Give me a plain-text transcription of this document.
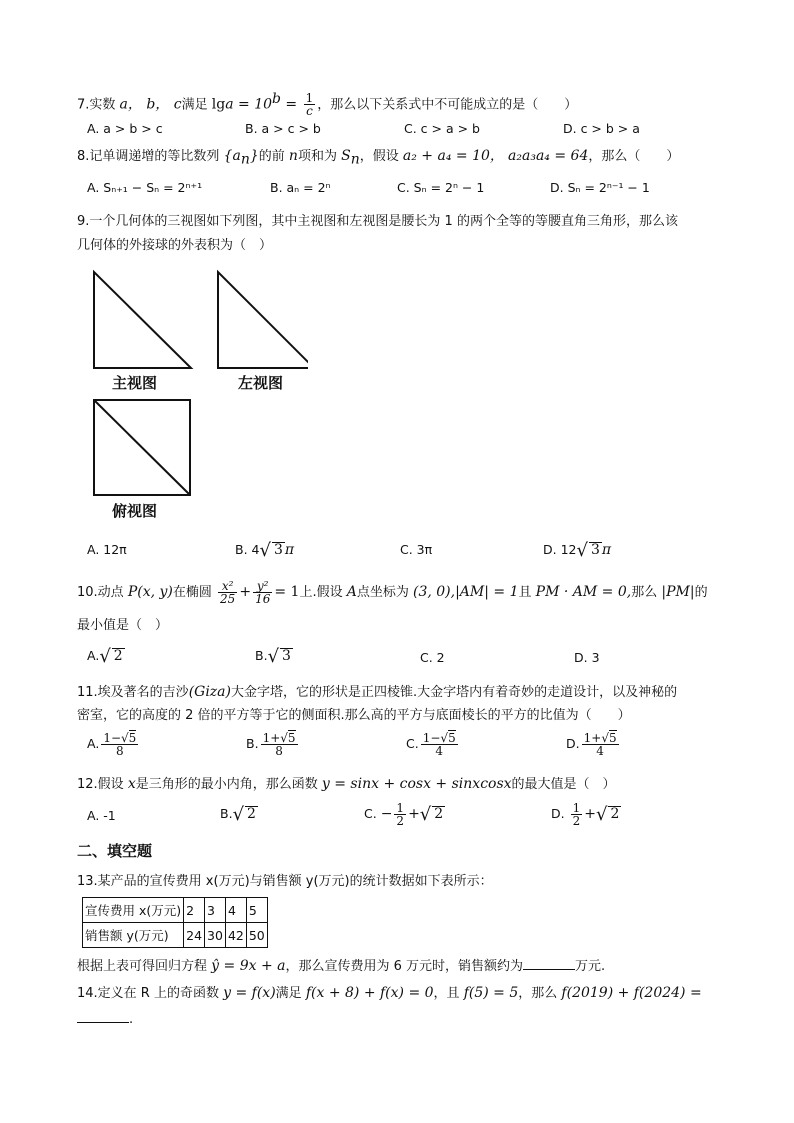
7.实数 a， b， c满足 $\lg a = 10^b = \frac{1}{c}$ ，那么以下关系式中不可能成立的是（　　）
A. a > b > c	B. a > c > b	C. c > a > b	D. c > b > a
8.记单调递增的等比数列 $\{a_n\}$的前 n项和为 $S_n$，假设 a₂ + a₄ = 10， a₂a₃a₄ = 64，那么（　　）
A. Sₙ₊₁ − Sₙ = 2ⁿ⁺¹	B. aₙ = 2ⁿ	C. Sₙ = 2ⁿ − 1	D. Sₙ = 2ⁿ⁻¹ − 1
9.一个几何体的三视图如下列图，其中主视图和左视图是腰长为 1 的两个全等的等腰直角三角形，那么该
几何体的外接球的外表积为（　）
主视图	左视图
俯视图
A. 12π	B. 4√ 3 π	C. 3π	D. 12√ 3 π
10.动点 P(x, y)在椭圆 $\frac{\text{x²}}{25} + \frac{\text{y²}}{16} = 1$上.假设 A点坐标为 (3, 0),|AM| = 1且 PM · AM = 0,那么 |PM|的
最小值是（　）
A.√ 2	B.√ 3	C. 2	D. 3
11.埃及著名的吉沙(Giza)大金字塔，它的形状是正四棱锥.大金字塔内有着奇妙的走道设计，以及神秘的
密室，它的高度的 2 倍的平方等于它的侧面积.那么高的平方与底面棱长的平方的比值为（　　）
A. $\frac{1-√5}{8}$	B. $\frac{1+√5}{8}$	C. $\frac{1-√5}{4}$	D. $\frac{1+√5}{4}$
12.假设 x是三角形的最小内角，那么函数 y = sinx + cosx + sinxcosx的最大值是（　）
A. -1	B.√ 2	C. − $\frac{1}{2}$ +√ 2	D. $\frac{1}{2}$ +√ 2
二、填空题
13.某产品的宣传费用 x(万元)与销售额 y(万元)的统计数据如下表所示：
宣传费用 x(万元)	2	3	4	5
销售额 y(万元)	24	30	42	50
根据上表可得回归方程 ŷ = 9x + a，那么宣传费用为 6 万元时，销售额约为	万元.
14.定义在 R 上的奇函数 y = f(x)满足 f(x + 8) + f(x) = 0，且 f(5) = 5，那么 f(2019) + f(2024) =
.
